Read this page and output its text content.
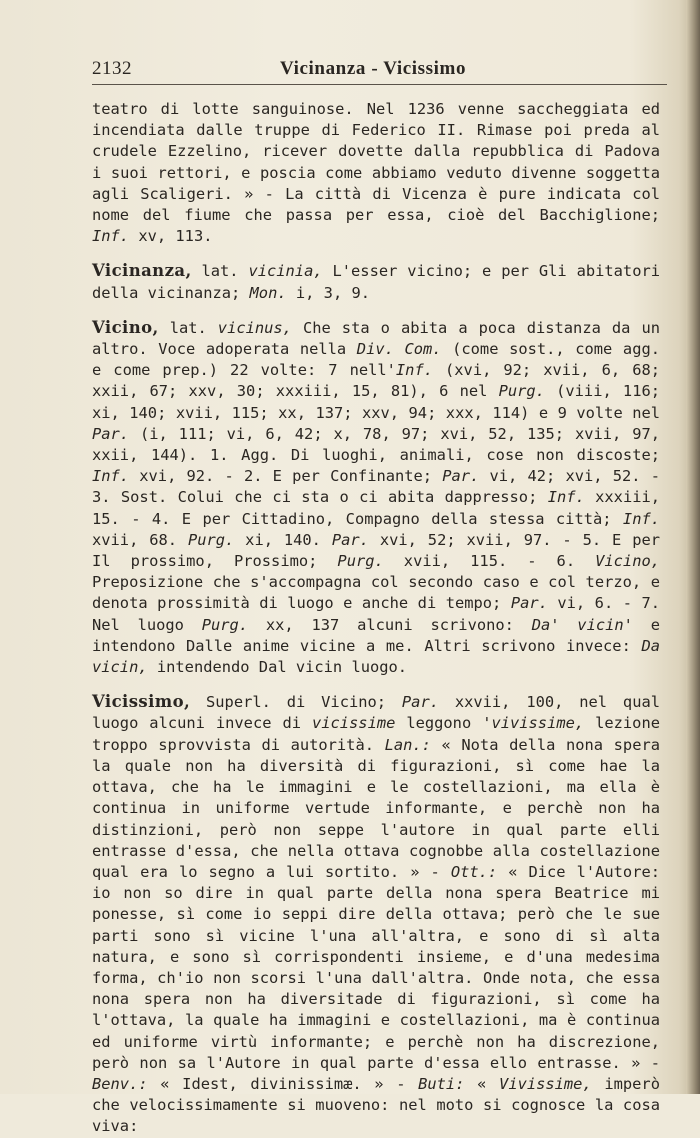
2132	Vicinanza - Vicissimo

teatro di lotte sanguinose. Nel 1236 venne saccheggiata ed incendiata dalle truppe di Federico II. Rimase poi preda al crudele Ezzelino, ricever dovette dalla repubblica di Padova i suoi rettori, e poscia come abbiamo veduto divenne soggetta agli Scaligeri. » - La città di Vicenza è pure indicata col nome del fiume che passa per essa, cioè del Bacchiglione; Inf. xv, 113.

Vicinanza, lat. vicinia, L'esser vicino; e per Gli abitatori della vicinanza; Mon. i, 3, 9.

Vicino, lat. vicinus, Che sta o abita a poca distanza da un altro. Voce adoperata nella Div. Com. (come sost., come agg. e come prep.) 22 volte: 7 nell'Inf. (xvi, 92; xvii, 6, 68; xxii, 67; xxv, 30; xxxiii, 15, 81), 6 nel Purg. (viii, 116; xi, 140; xvii, 115; xx, 137; xxv, 94; xxx, 114) e 9 volte nel Par. (i, 111; vi, 6, 42; x, 78, 97; xvi, 52, 135; xvii, 97, xxii, 144). 1. Agg. Di luoghi, animali, cose non discoste; Inf. xvi, 92. - 2. E per Confinante; Par. vi, 42; xvi, 52. - 3. Sost. Colui che ci sta o ci abita dappresso; Inf. xxxiii, 15. - 4. E per Cittadino, Compagno della stessa città; Inf. xvii, 68. Purg. xi, 140. Par. xvi, 52; xvii, 97. - 5. E per Il prossimo, Prossimo; Purg. xvii, 115. - 6. Vicino, Preposizione che s'accompagna col secondo caso e col terzo, e denota prossimità di luogo e anche di tempo; Par. vi, 6. - 7. Nel luogo Purg. xx, 137 alcuni scrivono: Da' vicin' e intendono Dalle anime vicine a me. Altri scrivono invece: Da vicin, intendendo Dal vicin luogo.

Vicissimo, Superl. di Vicino; Par. xxvii, 100, nel qual luogo alcuni invece di vicissime leggono 'vivissime, lezione troppo sprovvista di autorità. Lan.: « Nota della nona spera la quale non ha diversità di figurazioni, sì come hae la ottava, che ha le immagini e le costellazioni, ma ella è continua in uniforme vertude informante, e perchè non ha distinzioni, però non seppe l'autore in qual parte elli entrasse d'essa, che nella ottava cognobbe alla costellazione qual era lo segno a lui sortito. » - Ott.: « Dice l'Autore: io non so dire in qual parte della nona spera Beatrice mi ponesse, sì come io seppi dire della ottava; però che le sue parti sono sì vicine l'una all'altra, e sono di sì alta natura, e sono sì corrispondenti insieme, e d'una medesima forma, ch'io non scorsi l'una dall'altra. Onde nota, che essa nona spera non ha diversitade di figurazioni, sì come ha l'ottava, la quale ha immagini e costellazioni, ma è continua ed uniforme virtù informante; e perchè non ha discrezione, però non sa l'Autore in qual parte d'essa ello entrasse. » - Benv.: « Idest, divinissimæ. » - Buti: « Vivissime, imperò che velocissimamente si muoveno: nel moto si cognosce la cosa viva:
